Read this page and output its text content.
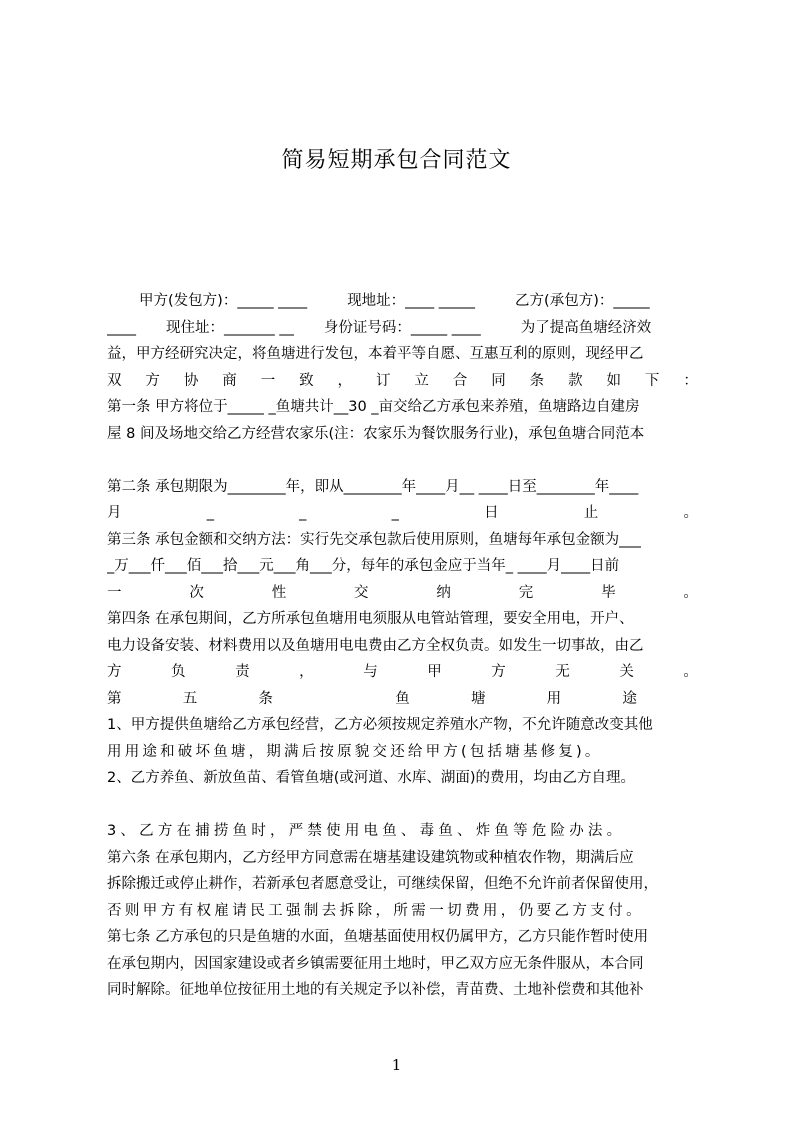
简易短期承包合同范文
甲方(发包方)：_____ ____	现地址：____ _____	乙方(承包方)：_____
____ 现住址：_______ __ 身份证号码：_____ ____	为了提高鱼塘经济效
益，甲方经研究决定，将鱼塘进行发包，本着平等自愿、互惠互利的原则，现经甲乙
双 方 协 商 一 致 ， 订 立 合 同 条 款 如 下 ：
第一条 甲方将位于_____ _鱼塘共计__30 _亩交给乙方承包来养殖，鱼塘路边自建房
屋 8 间及场地交给乙方经营农家乐(注：农家乐为餐饮服务行业)，承包鱼塘合同范本
第二条 承包期限为________年，即从________年____月__ ____日至________年____
月	_	_	_	日	止	。
第三条 承包金额和交纳方法：实行先交承包款后使用原则，鱼塘每年承包金额为___
_万___仟___佰___拾___元___角___分，每年的承包金应于当年_ ____月____日前
一	次	性	交	纳	完	毕	。
第四条 在承包期间，乙方所承包鱼塘用电须服从电管站管理，要安全用电，开户、
电力设备安装、材料费用以及鱼塘用电电费由乙方全权负责。如发生一切事故，由乙
方	负	责	，	与	甲	方	无	关	。
第	五	条	鱼	塘	用	途
1、甲方提供鱼塘给乙方承包经营，乙方必须按规定养殖水产物，不允许随意改变其他
用用途和破坏鱼塘，期满后按原貌交还给甲方(包括塘基修复)。
2、乙方养鱼、新放鱼苗、看管鱼塘(或河道、水库、湖面)的费用，均由乙方自理。
3、乙方在捕捞鱼时，严禁使用电鱼、毒鱼、炸鱼等危险办法。
第六条 在承包期内，乙方经甲方同意需在塘基建设建筑物或种植农作物，期满后应
拆除搬迁或停止耕作，若新承包者愿意受让，可继续保留，但绝不允许前者保留使用，
否则甲方有权雇请民工强制去拆除，所需一切费用，仍要乙方支付。
第七条 乙方承包的只是鱼塘的水面，鱼塘基面使用权仍属甲方，乙方只能作暂时使用
在承包期内，因国家建设或者乡镇需要征用土地时，甲乙双方应无条件服从，本合同
同时解除。征地单位按征用土地的有关规定予以补偿，青苗费、土地补偿费和其他补
1
